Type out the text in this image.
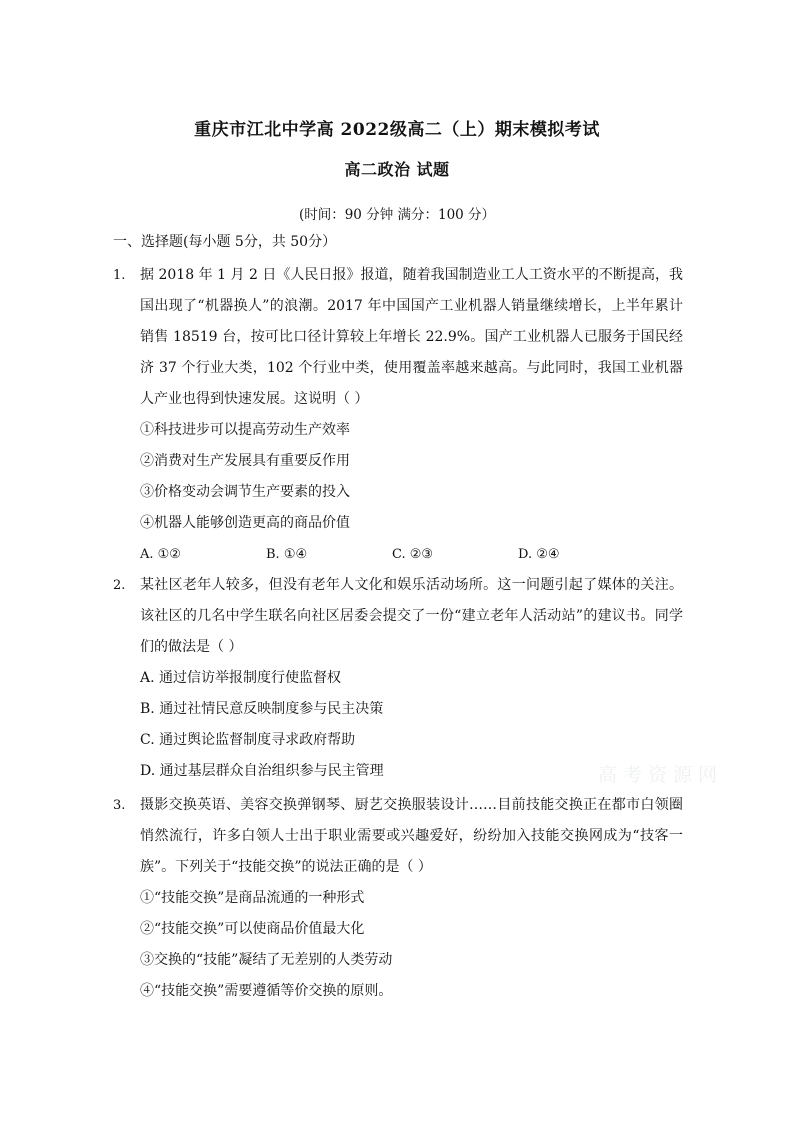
重庆市江北中学高 2022级高二（上）期末模拟考试
高二政治 试题
(时间：90 分钟 满分：100 分）
一、选择题(每小题 5分，共 50分）
1. 据 2018 年 1 月 2 日《人民日报》报道，随着我国制造业工人工资水平的不断提高，我国出现了“机器换人”的浪潮。2017 年中国国产工业机器人销量继续增长，上半年累计销售 18519 台，按可比口径计算较上年增长 22.9%。国产工业机器人已服务于国民经济 37 个行业大类，102 个行业中类，使用覆盖率越来越高。与此同时，我国工业机器人产业也得到快速发展。这说明（ ）
①科技进步可以提高劳动生产效率
②消费对生产发展具有重要反作用
③价格变动会调节生产要素的投入
④机器人能够创造更高的商品价值
A. ①②	B. ①④	C. ②③	D. ②④
2. 某社区老年人较多，但没有老年人文化和娱乐活动场所。这一问题引起了媒体的关注。该社区的几名中学生联名向社区居委会提交了一份“建立老年人活动站”的建议书。同学们的做法是（ ）
A. 通过信访举报制度行使监督权
B. 通过社情民意反映制度参与民主决策
C. 通过舆论监督制度寻求政府帮助
D. 通过基层群众自治组织参与民主管理
3. 摄影交换英语、美容交换弹钢琴、厨艺交换服装设计……目前技能交换正在都市白领圈悄然流行，许多白领人士出于职业需要或兴趣爱好，纷纷加入技能交换网成为“技客一族”。下列关于“技能交换”的说法正确的是（ ）
①“技能交换”是商品流通的一种形式
②“技能交换”可以使商品价值最大化
③交换的“技能”凝结了无差别的人类劳动
④“技能交换”需要遵循等价交换的原则。
高考资源网
